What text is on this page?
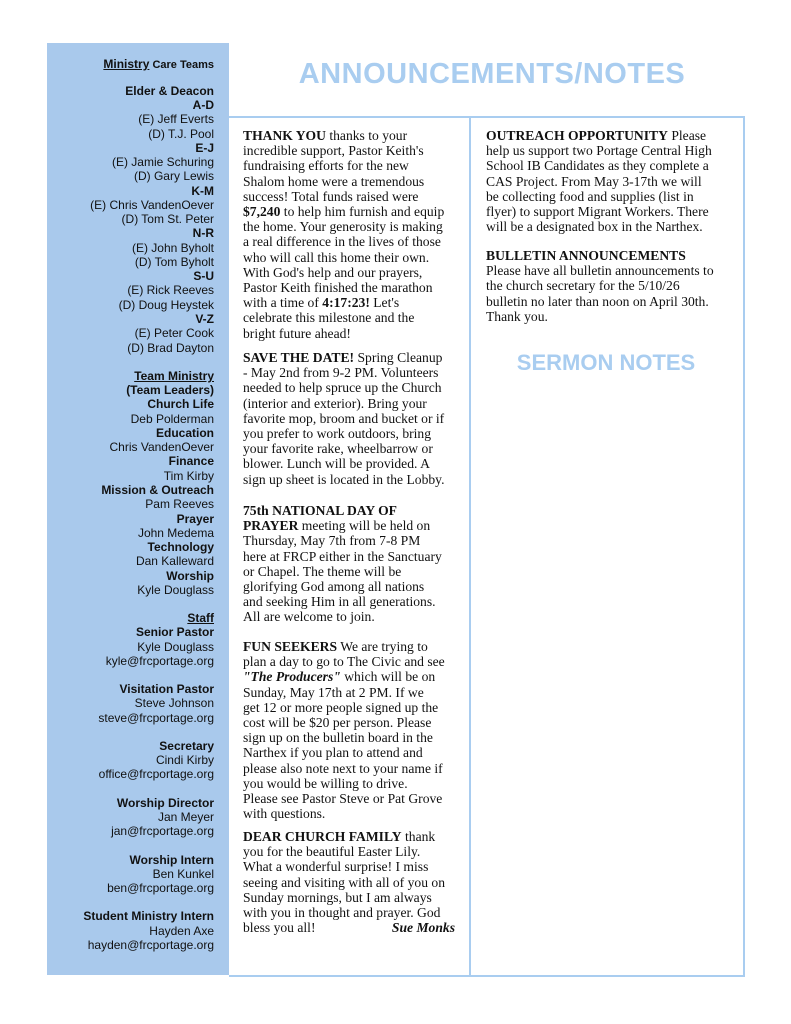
Ministry Care Teams
Elder & Deacon
A-D
(E) Jeff Everts
(D) T.J. Pool
E-J
(E) Jamie Schuring
(D) Gary Lewis
K-M
(E) Chris VandenOever
(D) Tom St. Peter
N-R
(E) John Byholt
(D) Tom Byholt
S-U
(E) Rick Reeves
(D) Doug Heystek
V-Z
(E) Peter Cook
(D) Brad Dayton
Team Ministry
(Team Leaders)
Church Life
Deb Polderman
Education
Chris VandenOever
Finance
Tim Kirby
Mission & Outreach
Pam Reeves
Prayer
John Medema
Technology
Dan Kalleward
Worship
Kyle Douglass
Staff
Senior Pastor
Kyle Douglass
kyle@frcportage.org
Visitation Pastor
Steve Johnson
steve@frcportage.org
Secretary
Cindi Kirby
office@frcportage.org
Worship Director
Jan Meyer
jan@frcportage.org
Worship Intern
Ben Kunkel
ben@frcportage.org
Student Ministry Intern
Hayden Axe
hayden@frcportage.org
ANNOUNCEMENTS/NOTES
THANK YOU thanks to your
incredible support, Pastor Keith's
fundraising efforts for the new
Shalom home were a tremendous
success! Total funds raised were
$7,240 to help him furnish and equip
the home. Your generosity is making
a real difference in the lives of those
who will call this home their own.
With God's help and our prayers,
Pastor Keith finished the marathon
with a time of 4:17:23! Let's
celebrate this milestone and the
bright future ahead!
SAVE THE DATE! Spring Cleanup
- May 2nd from 9-2 PM. Volunteers
needed to help spruce up the Church
(interior and exterior). Bring your
favorite mop, broom and bucket or if
you prefer to work outdoors, bring
your favorite rake, wheelbarrow or
blower. Lunch will be provided. A
sign up sheet is located in the Lobby.
75th NATIONAL DAY OF
PRAYER meeting will be held on
Thursday, May 7th from 7-8 PM
here at FRCP either in the Sanctuary
or Chapel. The theme will be
glorifying God among all nations
and seeking Him in all generations.
All are welcome to join.
FUN SEEKERS We are trying to
plan a day to go to The Civic and see
"The Producers" which will be on
Sunday, May 17th at 2 PM. If we
get 12 or more people signed up the
cost will be $20 per person. Please
sign up on the bulletin board in the
Narthex if you plan to attend and
please also note next to your name if
you would be willing to drive.
Please see Pastor Steve or Pat Grove
with questions.
DEAR CHURCH FAMILY thank
you for the beautiful Easter Lily.
What a wonderful surprise! I miss
seeing and visiting with all of you on
Sunday mornings, but I am always
with you in thought and prayer. God
bless you all!	Sue Monks
OUTREACH OPPORTUNITY Please
help us support two Portage Central High
School IB Candidates as they complete a
CAS Project. From May 3-17th we will
be collecting food and supplies (list in
flyer) to support Migrant Workers. There
will be a designated box in the Narthex.
BULLETIN ANNOUNCEMENTS
Please have all bulletin announcements to
the church secretary for the 5/10/26
bulletin no later than noon on April 30th.
Thank you.
SERMON NOTES
